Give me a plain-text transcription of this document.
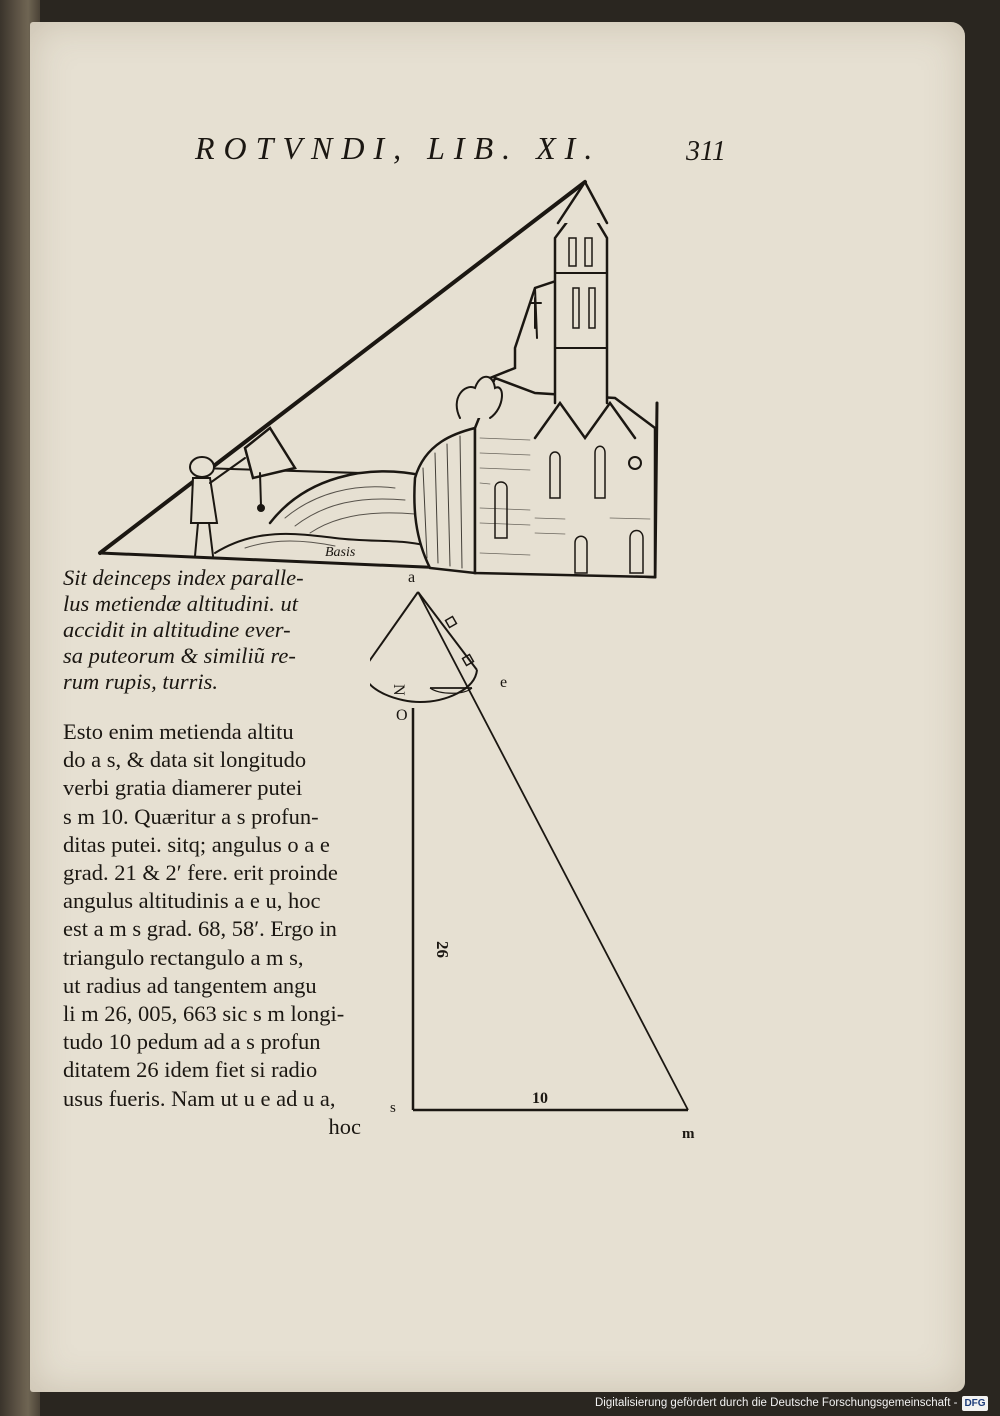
ROTVNDI, LIB. XI.	311
Basis
a
N
O
e
26
s
10
m
Sit deinceps index paralle-
lus metiendæ altitudini. ut
accidit in altitudine ever-
sa puteorum & similiũ re-
rum rupis, turris.
Esto enim metienda altitu
do a s, & data sit longitudo
verbi gratia diamerer putei
s m 10. Quæritur a s profun-
ditas putei. sitq; angulus o a e
grad. 21 & 2′ fere. erit proinde
angulus altitudinis a e u, hoc
est a m s grad. 68, 58′. Ergo in
triangulo rectangulo a m s,
ut radius ad tangentem angu
li m 26, 005, 663 sic s m longi-
tudo 10 pedum ad a s profun
ditatem 26 idem fiet si radio
usus fueris. Nam ut u e ad u a,
hoc
Digitalisierung gefördert durch die Deutsche Forschungsgemeinschaft - DFG
